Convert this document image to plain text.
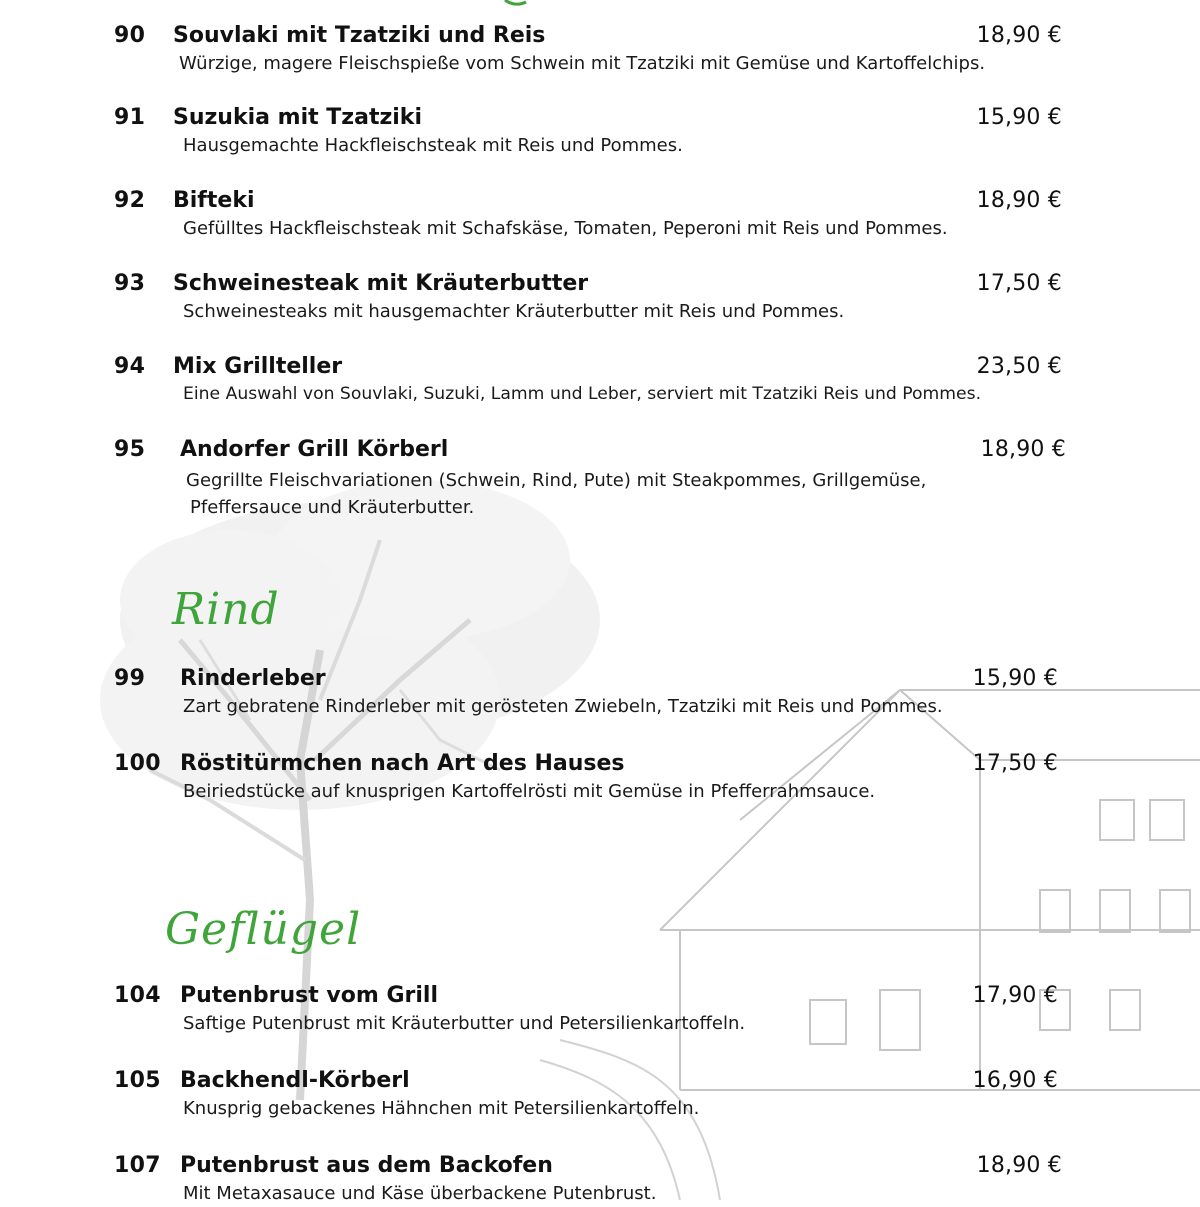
90 Souvlaki mit Tzatziki und Reis	18,90 €
Würzige, magere Fleischspieße vom Schwein mit Tzatziki mit Gemüse und Kartoffelchips.
91 Suzukia mit Tzatziki	15,90 €
Hausgemachte Hackfleischsteak mit Reis und Pommes.
92 Bifteki	18,90 €
Gefülltes Hackfleischsteak mit Schafskäse, Tomaten, Peperoni mit Reis und Pommes.
93 Schweinesteak mit Kräuterbutter	17,50 €
Schweinesteaks mit hausgemachter Kräuterbutter mit Reis und Pommes.
94 Mix Grillteller	23,50 €
Eine Auswahl von Souvlaki, Suzuki, Lamm und Leber, serviert mit Tzatziki Reis und Pommes.
95 Andorfer Grill Körberl	18,90 €
Gegrillte Fleischvariationen (Schwein, Rind, Pute) mit Steakpommes, Grillgemüse,
Pfeffersauce und Kräuterbutter.
Rind
99 Rinderleber	15,90 €
Zart gebratene Rinderleber mit gerösteten Zwiebeln, Tzatziki mit Reis und Pommes.
100 Röstitürmchen nach Art des Hauses	17,50 €
Beiriedstücke auf knusprigen Kartoffelrösti mit Gemüse in Pfefferrahmsauce.
Geflügel
104 Putenbrust vom Grill	17,90 €
Saftige Putenbrust mit Kräuterbutter und Petersilienkartoffeln.
105 Backhendl-Körberl	16,90 €
Knusprig gebackenes Hähnchen mit Petersilienkartoffeln.
107 Putenbrust aus dem Backofen	18,90 €
Mit Metaxasauce und Käse überbackene Putenbrust.
